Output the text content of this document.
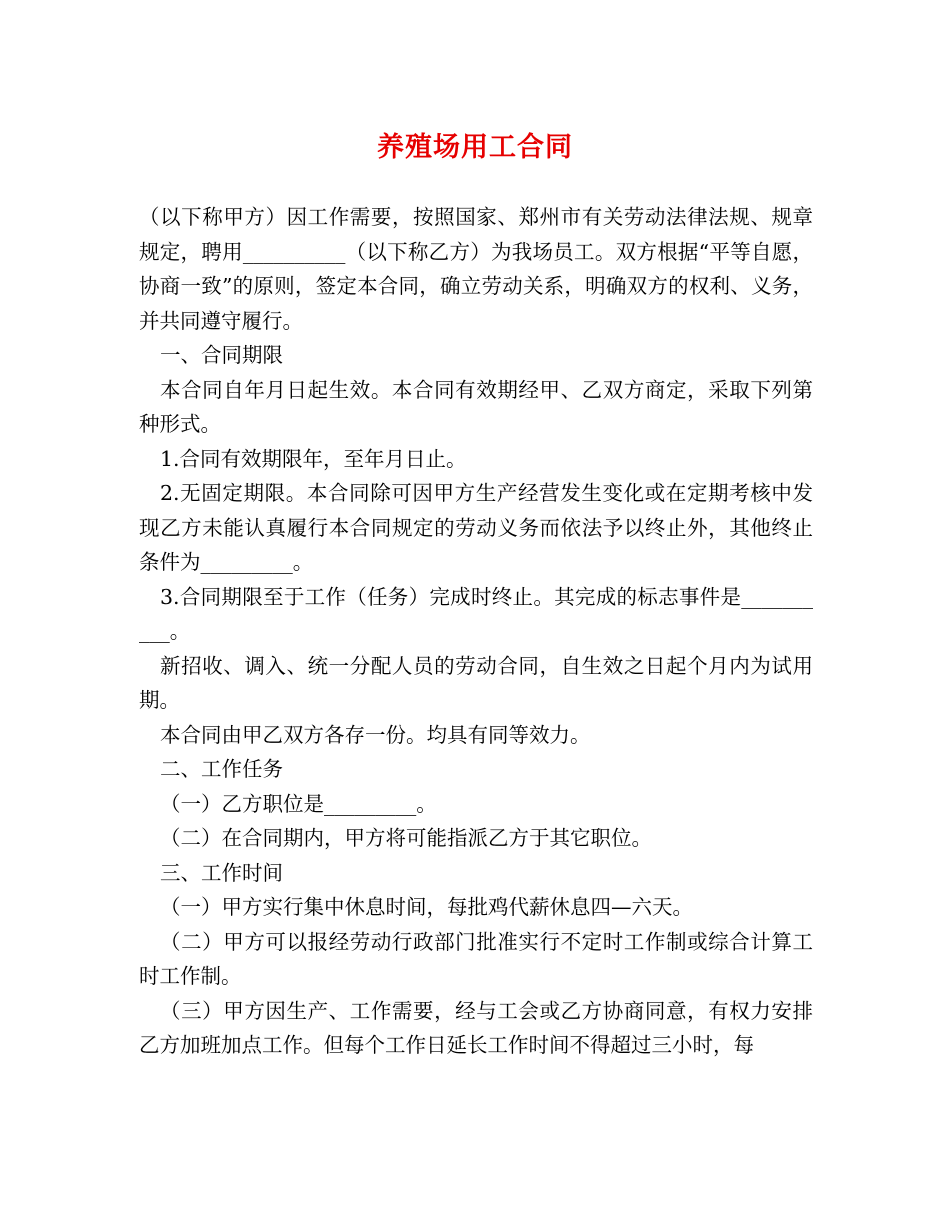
养殖场用工合同

（以下称甲方）因工作需要，按照国家、郑州市有关劳动法律法规、规章规定，聘用__________（以下称乙方）为我场员工。双方根据“平等自愿，协商一致”的原则，签定本合同，确立劳动关系，明确双方的权利、义务，并共同遵守履行。

一、合同期限

本合同自年月日起生效。本合同有效期经甲、乙双方商定，采取下列第种形式。

1.合同有效期限年，至年月日止。

2.无固定期限。本合同除可因甲方生产经营发生变化或在定期考核中发现乙方未能认真履行本合同规定的劳动义务而依法予以终止外，其他终止条件为_________。

3.合同期限至于工作（任务）完成时终止。其完成的标志事件是__________。

新招收、调入、统一分配人员的劳动合同，自生效之日起个月内为试用期。

本合同由甲乙双方各存一份。均具有同等效力。

二、工作任务

（一）乙方职位是_________。

（二）在合同期内，甲方将可能指派乙方于其它职位。

三、工作时间

（一）甲方实行集中休息时间，每批鸡代薪休息四—六天。

（二）甲方可以报经劳动行政部门批准实行不定时工作制或综合计算工时工作制。

（三）甲方因生产、工作需要，经与工会或乙方协商同意，有权力安排乙方加班加点工作。但每个工作日延长工作时间不得超过三小时，每
